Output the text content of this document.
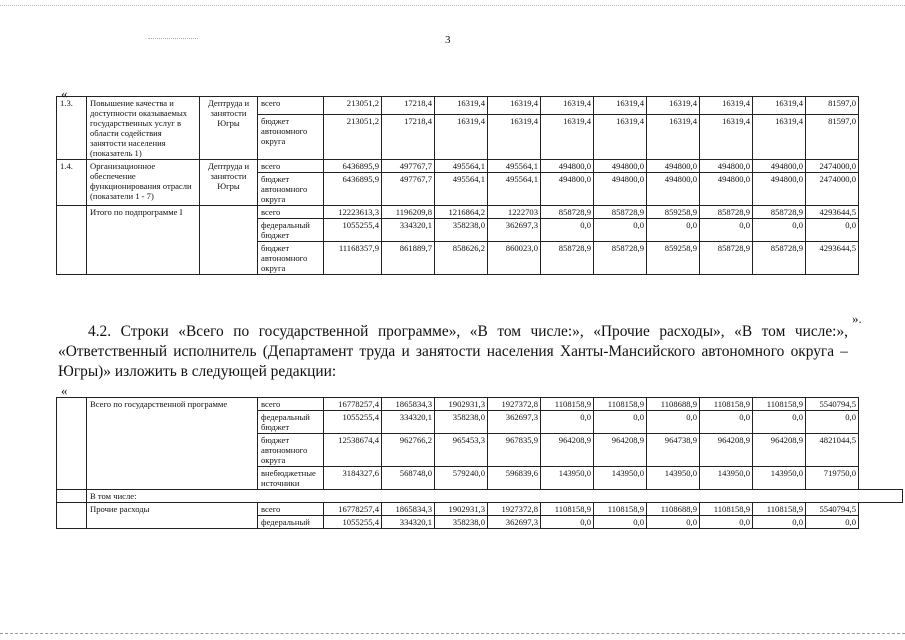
3
«
1.3.	Повышение качества и доступности оказываемых государственных услуг в области содействия занятости населения (показатель 1)	Дептруда и занятости Югры	всего	213051,2	17218,4	16319,4	16319,4	16319,4	16319,4	16319,4	16319,4	16319,4	81597,0
			бюджет автономного округа	213051,2	17218,4	16319,4	16319,4	16319,4	16319,4	16319,4	16319,4	16319,4	81597,0
1.4.	Организационное обеспечение функционирования отрасли (показатели 1 - 7)	Дептруда и занятости Югры	всего	6436895,9	497767,7	495564,1	495564,1	494800,0	494800,0	494800,0	494800,0	494800,0	2474000,0
			бюджет автономного округа	6436895,9	497767,7	495564,1	495564,1	494800,0	494800,0	494800,0	494800,0	494800,0	2474000,0
	Итого по подпрограмме I		всего	12223613,3	1196209,8	1216864,2	1222703	858728,9	858728,9	859258,9	858728,9	858728,9	4293644,5
			федеральный бюджет	1055255,4	334320,1	358238,0	362697,3	0,0	0,0	0,0	0,0	0,0	0,0
			бюджет автономного округа	11168357,9	861889,7	858626,2	860023,0	858728,9	858728,9	859258,9	858728,9	858728,9	4293644,5
».
4.2. Строки «Всего по государственной программе», «В том числе:», «Прочие расходы», «В том числе:», «Ответственный исполнитель (Департамент труда и занятости населения Ханты-Мансийского автономного округа – Югры)» изложить в следующей редакции:
«
	Всего по государственной программе	всего	16778257,4	1865834,3	1902931,3	1927372,8	1108158,9	1108158,9	1108688,9	1108158,9	1108158,9	5540794,5
		федеральный бюджет	1055255,4	334320,1	358238,0	362697,3	0,0	0,0	0,0	0,0	0,0	0,0
		бюджет автономного округа	12538674,4	962766,2	965453,3	967835,9	964208,9	964208,9	964738,9	964208,9	964208,9	4821044,5
		внебюджетные источники	3184327,6	568748,0	579240,0	596839,6	143950,0	143950,0	143950,0	143950,0	143950,0	719750,0
	В том числе:											
	Прочие расходы	всего	16778257,4	1865834,3	1902931,3	1927372,8	1108158,9	1108158,9	1108688,9	1108158,9	1108158,9	5540794,5
		федеральный	1055255,4	334320,1	358238,0	362697,3	0,0	0,0	0,0	0,0	0,0	0,0
